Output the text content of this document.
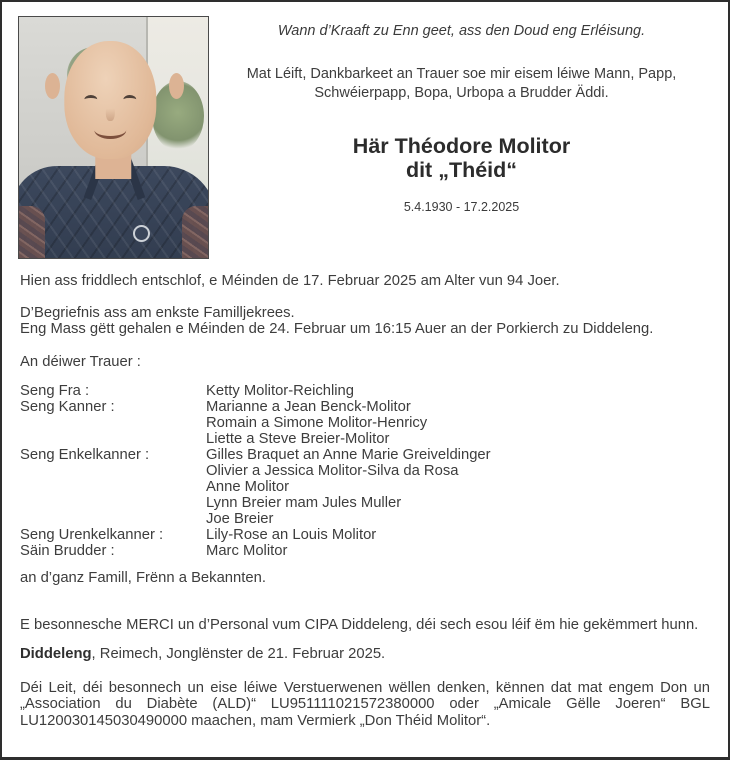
Wann d’Kraaft zu Enn geet, ass den Doud eng Erléisung.

Mat Léift, Dankbarkeet an Trauer soe mir eisem léiwe Mann, Papp, Schwéierpapp, Bopa, Urbopa a Brudder Äddi.

Här Théodore Molitor
dit „Théid“

5.4.1930 - 17.2.2025

Hien ass friddlech entschlof, e Méinden de 17. Februar 2025 am Alter vun 94 Joer.

D’Begriefnis ass am enkste Familljekrees.
Eng Mass gëtt gehalen e Méinden de 24. Februar um 16:15 Auer an der Porkierch zu Diddeleng.

An déiwer Trauer :

Seng Fra :	Ketty Molitor-Reichling
Seng Kanner :	Marianne a Jean Benck-Molitor
	Romain a Simone Molitor-Henricy
	Liette a Steve Breier-Molitor
Seng Enkelkanner :	Gilles Braquet an Anne Marie Greiveldinger
	Olivier a Jessica Molitor-Silva da Rosa
	Anne Molitor
	Lynn Breier mam Jules Muller
	Joe Breier
Seng Urenkelkanner :	Lily-Rose an Louis Molitor
Säin Brudder :	Marc Molitor

an d’ganz Famill, Frënn a Bekannten.

E besonnesche MERCI un d’Personal vum CIPA Diddeleng, déi sech esou léif ëm hie gekëmmert hunn.

Diddeleng, Reimech, Jonglënster de 21. Februar 2025.

Déi Leit, déi besonnech un eise léiwe Verstuerwenen wëllen denken, kënnen dat mat engem Don un „Association du Diabète (ALD)“ LU951111021572380000 oder „Amicale Gëlle Joeren“ BGL LU120030145030490000 maachen, mam Vermierk „Don Théid Molitor“.
